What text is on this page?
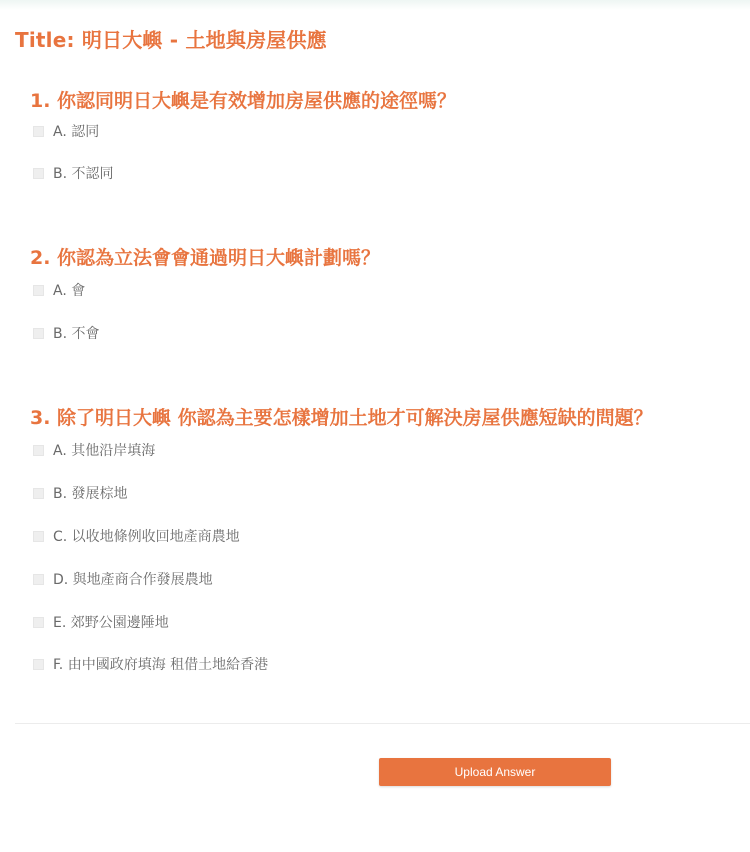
Title: 明日大嶼 - 土地與房屋供應
1. 你認同明日大嶼是有效增加房屋供應的途徑嗎？
A. 認同
B. 不認同
2. 你認為立法會會通過明日大嶼計劃嗎？
A. 會
B. 不會
3. 除了明日大嶼 你認為主要怎樣增加土地才可解決房屋供應短缺的問題？
A. 其他沿岸填海
B. 發展棕地
C. 以收地條例收回地產商農地
D. 與地產商合作發展農地
E. 郊野公園邊陲地
F. 由中國政府填海 租借土地給香港
Upload Answer
